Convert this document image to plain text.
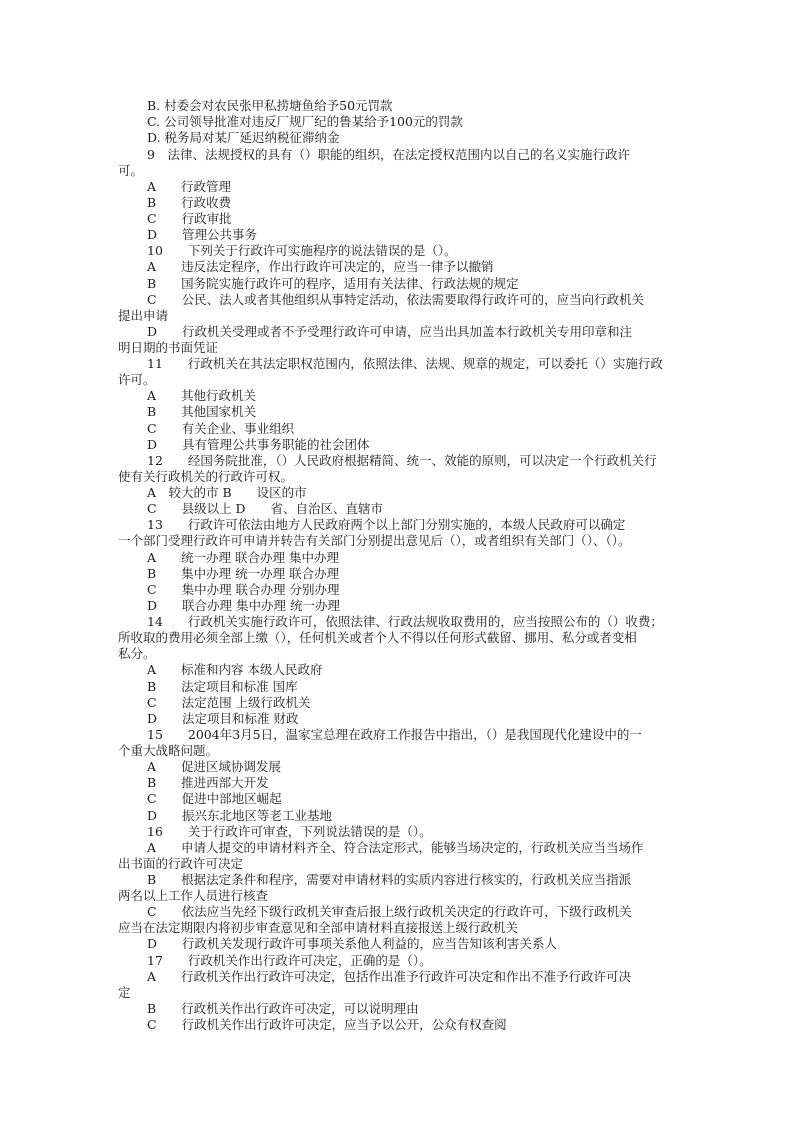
B. 村委会对农民张甲私捞塘鱼给予50元罚款
C. 公司领导批准对违反厂规厂纪的鲁某给予100元的罚款
D. 税务局对某厂延迟纳税征滞纳金
9　法律、法规授权的具有（）职能的组织，在法定授权范围内以自己的名义实施行政许
可。
A　　行政管理
B　　行政收费
C　　行政审批
D　　管理公共事务
10　　下列关于行政许可实施程序的说法错误的是（）。
A　　违反法定程序，作出行政许可决定的，应当一律予以撤销
B　　国务院实施行政许可的程序，适用有关法律、行政法规的规定
C　　公民、法人或者其他组织从事特定活动，依法需要取得行政许可的，应当向行政机关
提出申请
D　　行政机关受理或者不予受理行政许可申请，应当出具加盖本行政机关专用印章和注
明日期的书面凭证
11　　行政机关在其法定职权范围内，依照法律、法规、规章的规定，可以委托（）实施行政
许可。
A　　其他行政机关
B　　其他国家机关
C　　有关企业、事业组织
D　　具有管理公共事务职能的社会团体
12　　经国务院批准，（）人民政府根据精简、统一、效能的原则，可以决定一个行政机关行
使有关行政机关的行政许可权。
A　较大的市 B　　设区的市
C　　县级以上 D　　省、自治区、直辖市
13　　行政许可依法由地方人民政府两个以上部门分别实施的，本级人民政府可以确定
一个部门受理行政许可申请并转告有关部门分别提出意见后（），或者组织有关部门（）、（）。
A　　统一办理 联合办理 集中办理
B　　集中办理 统一办理 联合办理
C　　集中办理 联合办理 分别办理
D　　联合办理 集中办理 统一办理
14　　行政机关实施行政许可，依照法律、行政法规收取费用的，应当按照公布的（）收费；
所收取的费用必须全部上缴（），任何机关或者个人不得以任何形式截留、挪用、私分或者变相
私分。
A　　标准和内容 本级人民政府
B　　法定项目和标准 国库
C　　法定范围 上级行政机关
D　　法定项目和标准 财政
15　　2004年3月5日，温家宝总理在政府工作报告中指出，（）是我国现代化建设中的一
个重大战略问题。
A　　促进区域协调发展
B　　推进西部大开发
C　　促进中部地区崛起
D　　振兴东北地区等老工业基地
16　　关于行政许可审查，下列说法错误的是（）。
A　　申请人提交的申请材料齐全、符合法定形式，能够当场决定的，行政机关应当当场作
出书面的行政许可决定
B　　根据法定条件和程序，需要对申请材料的实质内容进行核实的，行政机关应当指派
两名以上工作人员进行核查
C　　依法应当先经下级行政机关审查后报上级行政机关决定的行政许可，下级行政机关
应当在法定期限内将初步审查意见和全部申请材料直接报送上级行政机关
D　　行政机关发现行政许可事项关系他人利益的，应当告知该利害关系人
17　　行政机关作出行政许可决定，正确的是（）。
A　　行政机关作出行政许可决定，包括作出准予行政许可决定和作出不准予行政许可决
定
B　　行政机关作出行政许可决定，可以说明理由
C　　行政机关作出行政许可决定，应当予以公开，公众有权查阅
